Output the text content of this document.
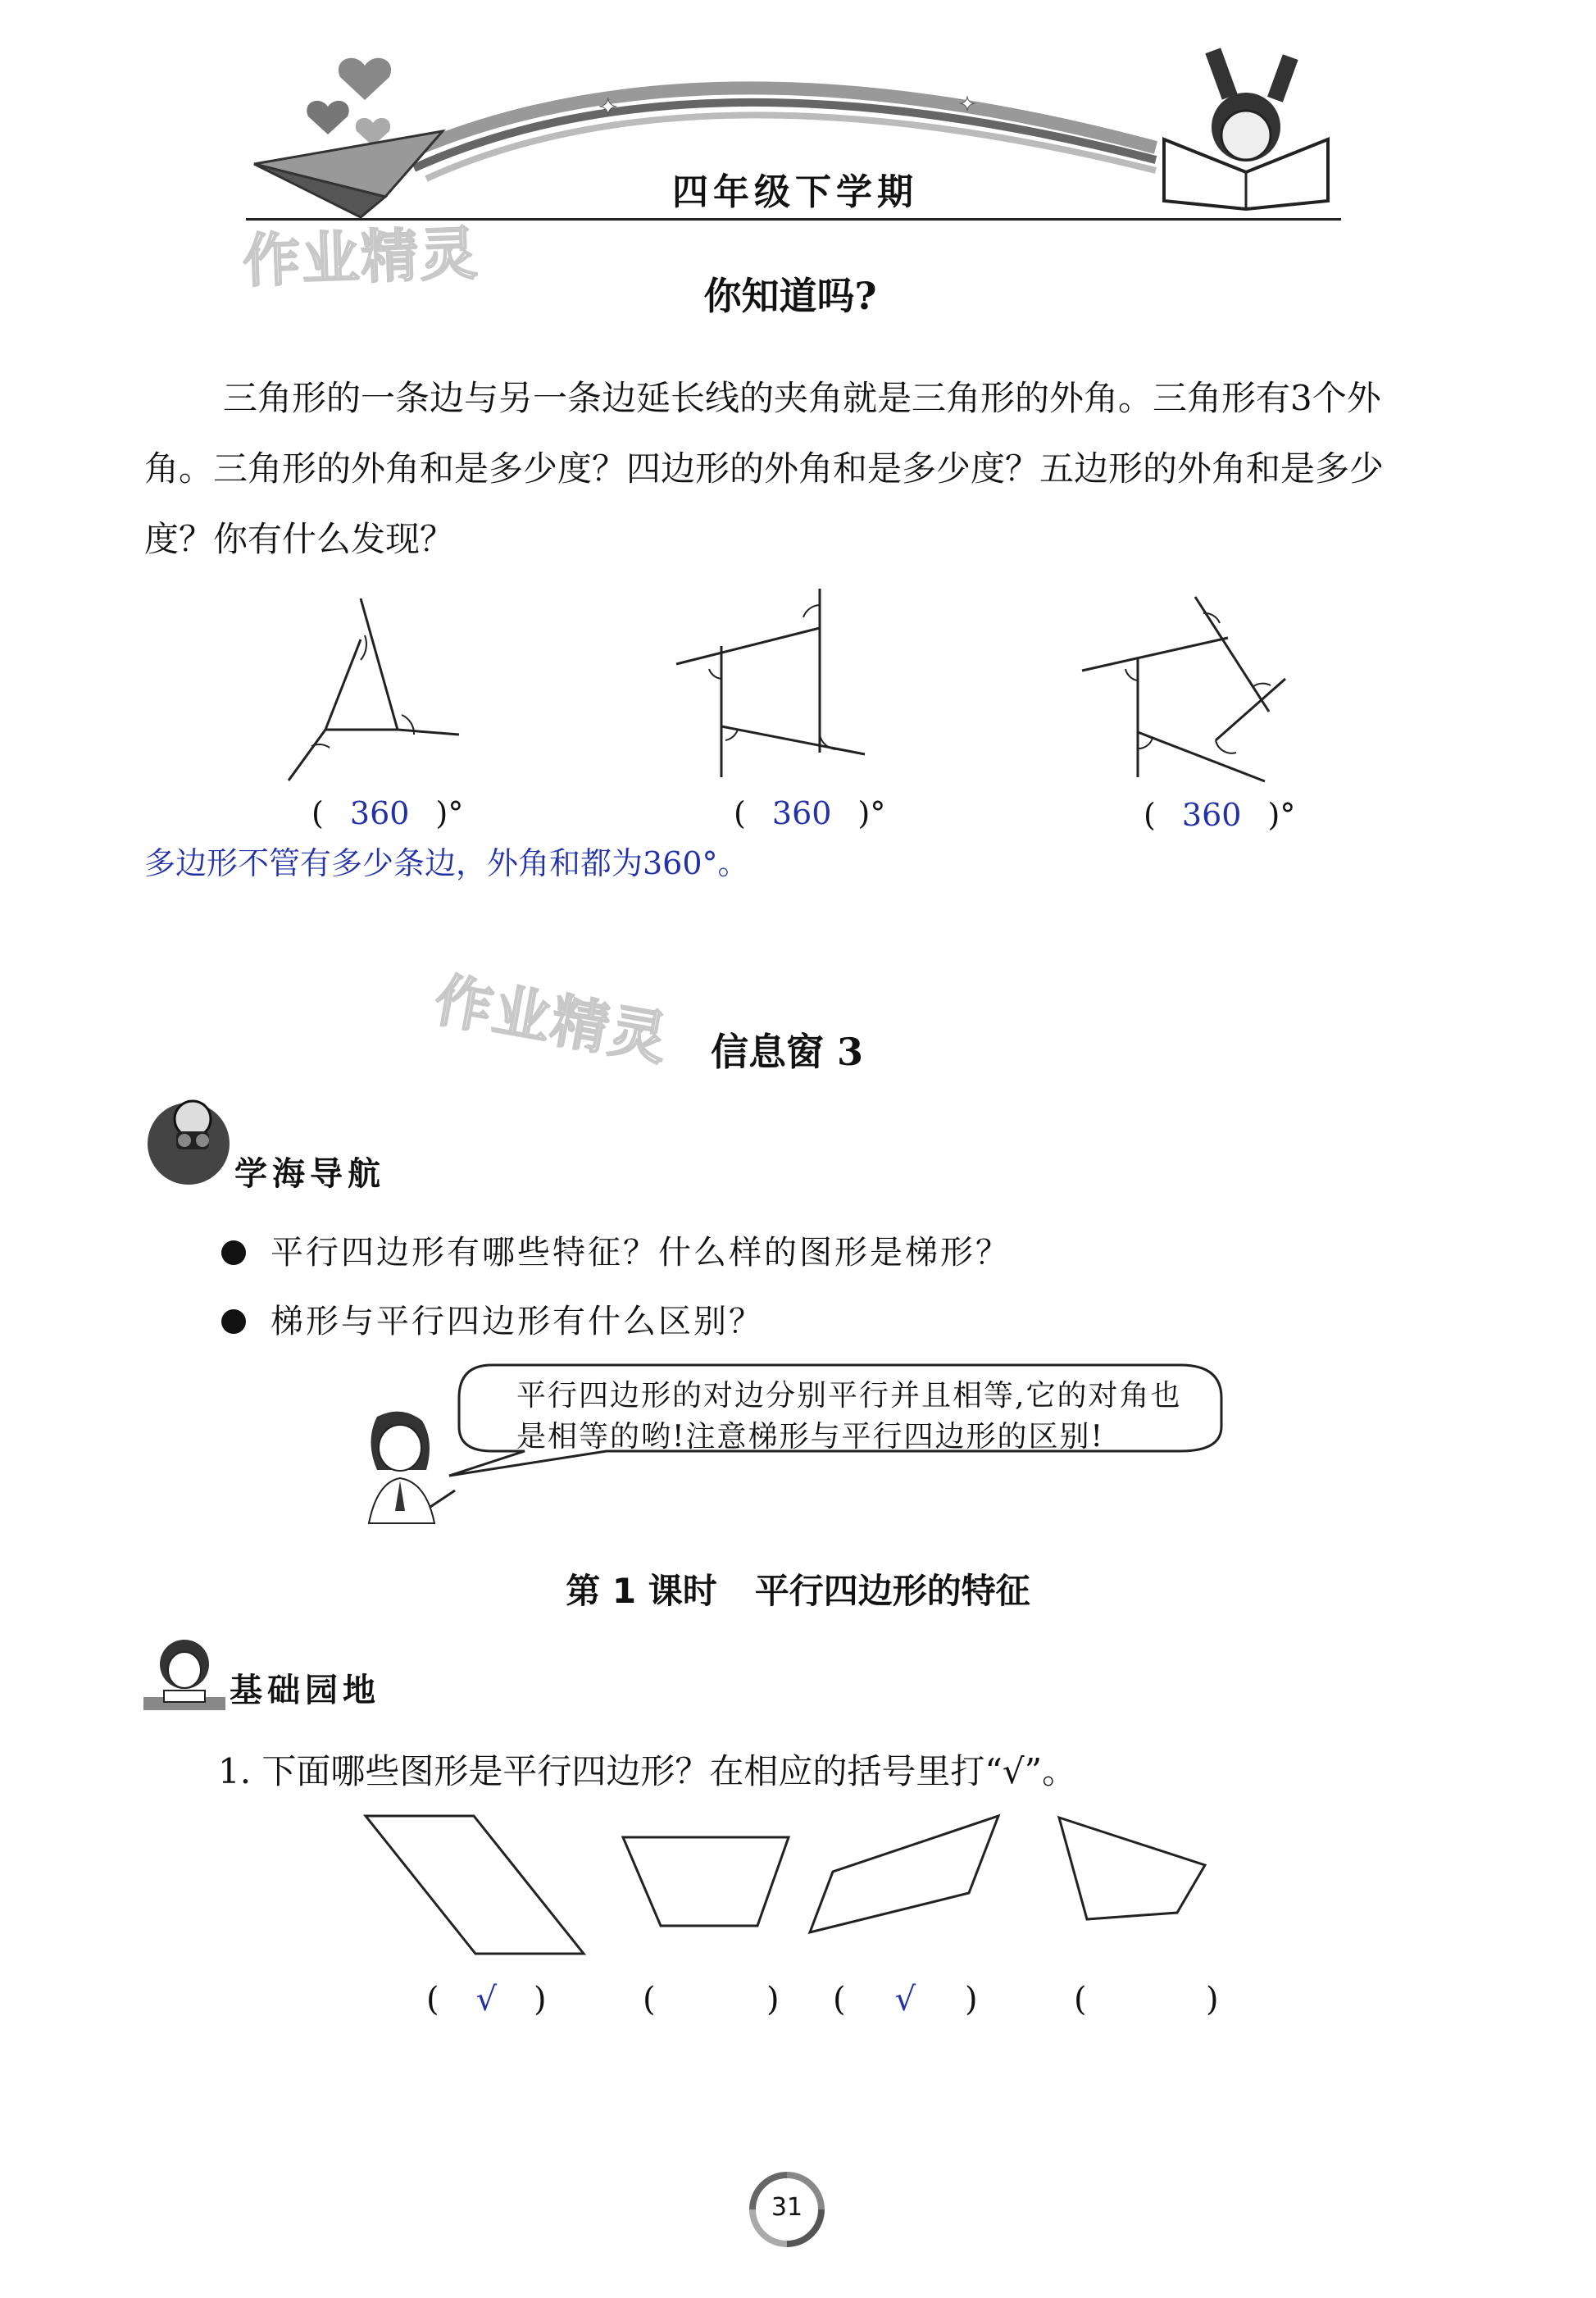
✦	✦
四年级下学期
作业精灵
你知道吗?

三角形的一条边与另一条边延长线的夹角就是三角形的外角。三角形有3个外角。三角形的外角和是多少度？四边形的外角和是多少度？五边形的外角和是多少度？你有什么发现？

( 360 )°	( 360 )°	( 360 )°
多边形不管有多少条边，外角和都为360°。
作业精灵 信息窗 3
学海导航
平行四边形有哪些特征？什么样的图形是梯形？
梯形与平行四边形有什么区别？
平行四边形的对边分别平行并且相等,它的对角也是相等的哟!注意梯形与平行四边形的区别!
第 1 课时 平行四边形的特征
基础园地
1. 下面哪些图形是平行四边形？在相应的括号里打“√”。
( √ )	(	) ( √ )	(	)
31
